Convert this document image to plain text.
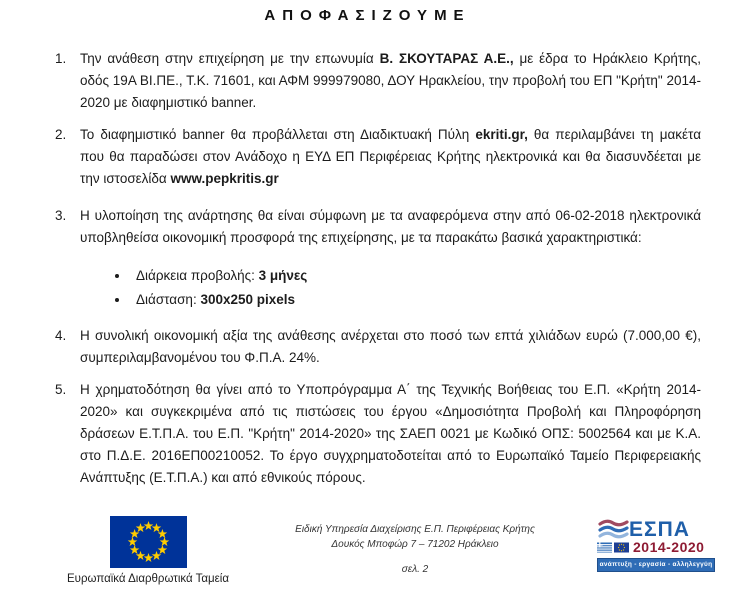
ΑΠΟΦΑΣΙΖΟΥΜΕ
1.	Την ανάθεση στην επιχείρηση με την επωνυμία Β. ΣΚΟΥΤΑΡΑΣ Α.Ε., με έδρα το Ηράκλειο Κρήτης, οδός 19Α ΒΙ.ΠΕ., Τ.Κ. 71601, και ΑΦΜ 999979080, ΔΟΥ Ηρακλείου, την προβολή του ΕΠ "Κρήτη" 2014-2020 με διαφημιστικό banner.

2.	Το διαφημιστικό banner θα προβάλλεται στη Διαδικτυακή Πύλη ekriti.gr, θα περιλαμβάνει τη μακέτα που θα παραδώσει στον Ανάδοχο η ΕΥΔ ΕΠ Περιφέρειας Κρήτης ηλεκτρονικά και θα διασυνδέεται με την ιστοσελίδα www.pepkritis.gr

3.	Η υλοποίηση της ανάρτησης θα είναι σύμφωνη με τα αναφερόμενα στην από 06-02-2018 ηλεκτρονικά υποβληθείσα οικονομική προσφορά της επιχείρησης, με τα παρακάτω βασικά χαρακτηριστικά:

• Διάρκεια προβολής: 3 μήνες
• Διάσταση: 300x250 pixels
4.	Η συνολική οικονομική αξία της ανάθεσης ανέρχεται στο ποσό των επτά χιλιάδων ευρώ (7.000,00 €), συμπεριλαμβανομένου του Φ.Π.Α. 24%.

5.	Η χρηματοδότηση θα γίνει από το Υποπρόγραμμα Α΄ της Τεχνικής Βοήθειας του Ε.Π. «Κρήτη 2014-2020» και συγκεκριμένα από τις πιστώσεις του έργου «Δημοσιότητα Προβολή και Πληροφόρηση δράσεων Ε.Τ.Π.Α. του Ε.Π. "Κρήτη" 2014-2020» της ΣΑΕΠ 0021 με Κωδικό ΟΠΣ: 5002564 και με Κ.Α. στο Π.Δ.Ε. 2016ΕΠ00210052. Το έργο συγχρηματοδοτείται από το Ευρωπαϊκό Ταμείο Περιφερειακής Ανάπτυξης (Ε.Τ.Π.Α.) και από εθνικούς πόρους.

Ευρωπαϊκά Διαρθρωτικά Ταμεία
Ειδική Υπηρεσία Διαχείρισης Ε.Π. Περιφέρειας Κρήτης
Δουκός Μποφώρ 7 – 71202 Ηράκλειο
σελ. 2
ΕΣΠΑ
2014-2020
ανάπτυξη - εργασία - αλληλεγγύη
